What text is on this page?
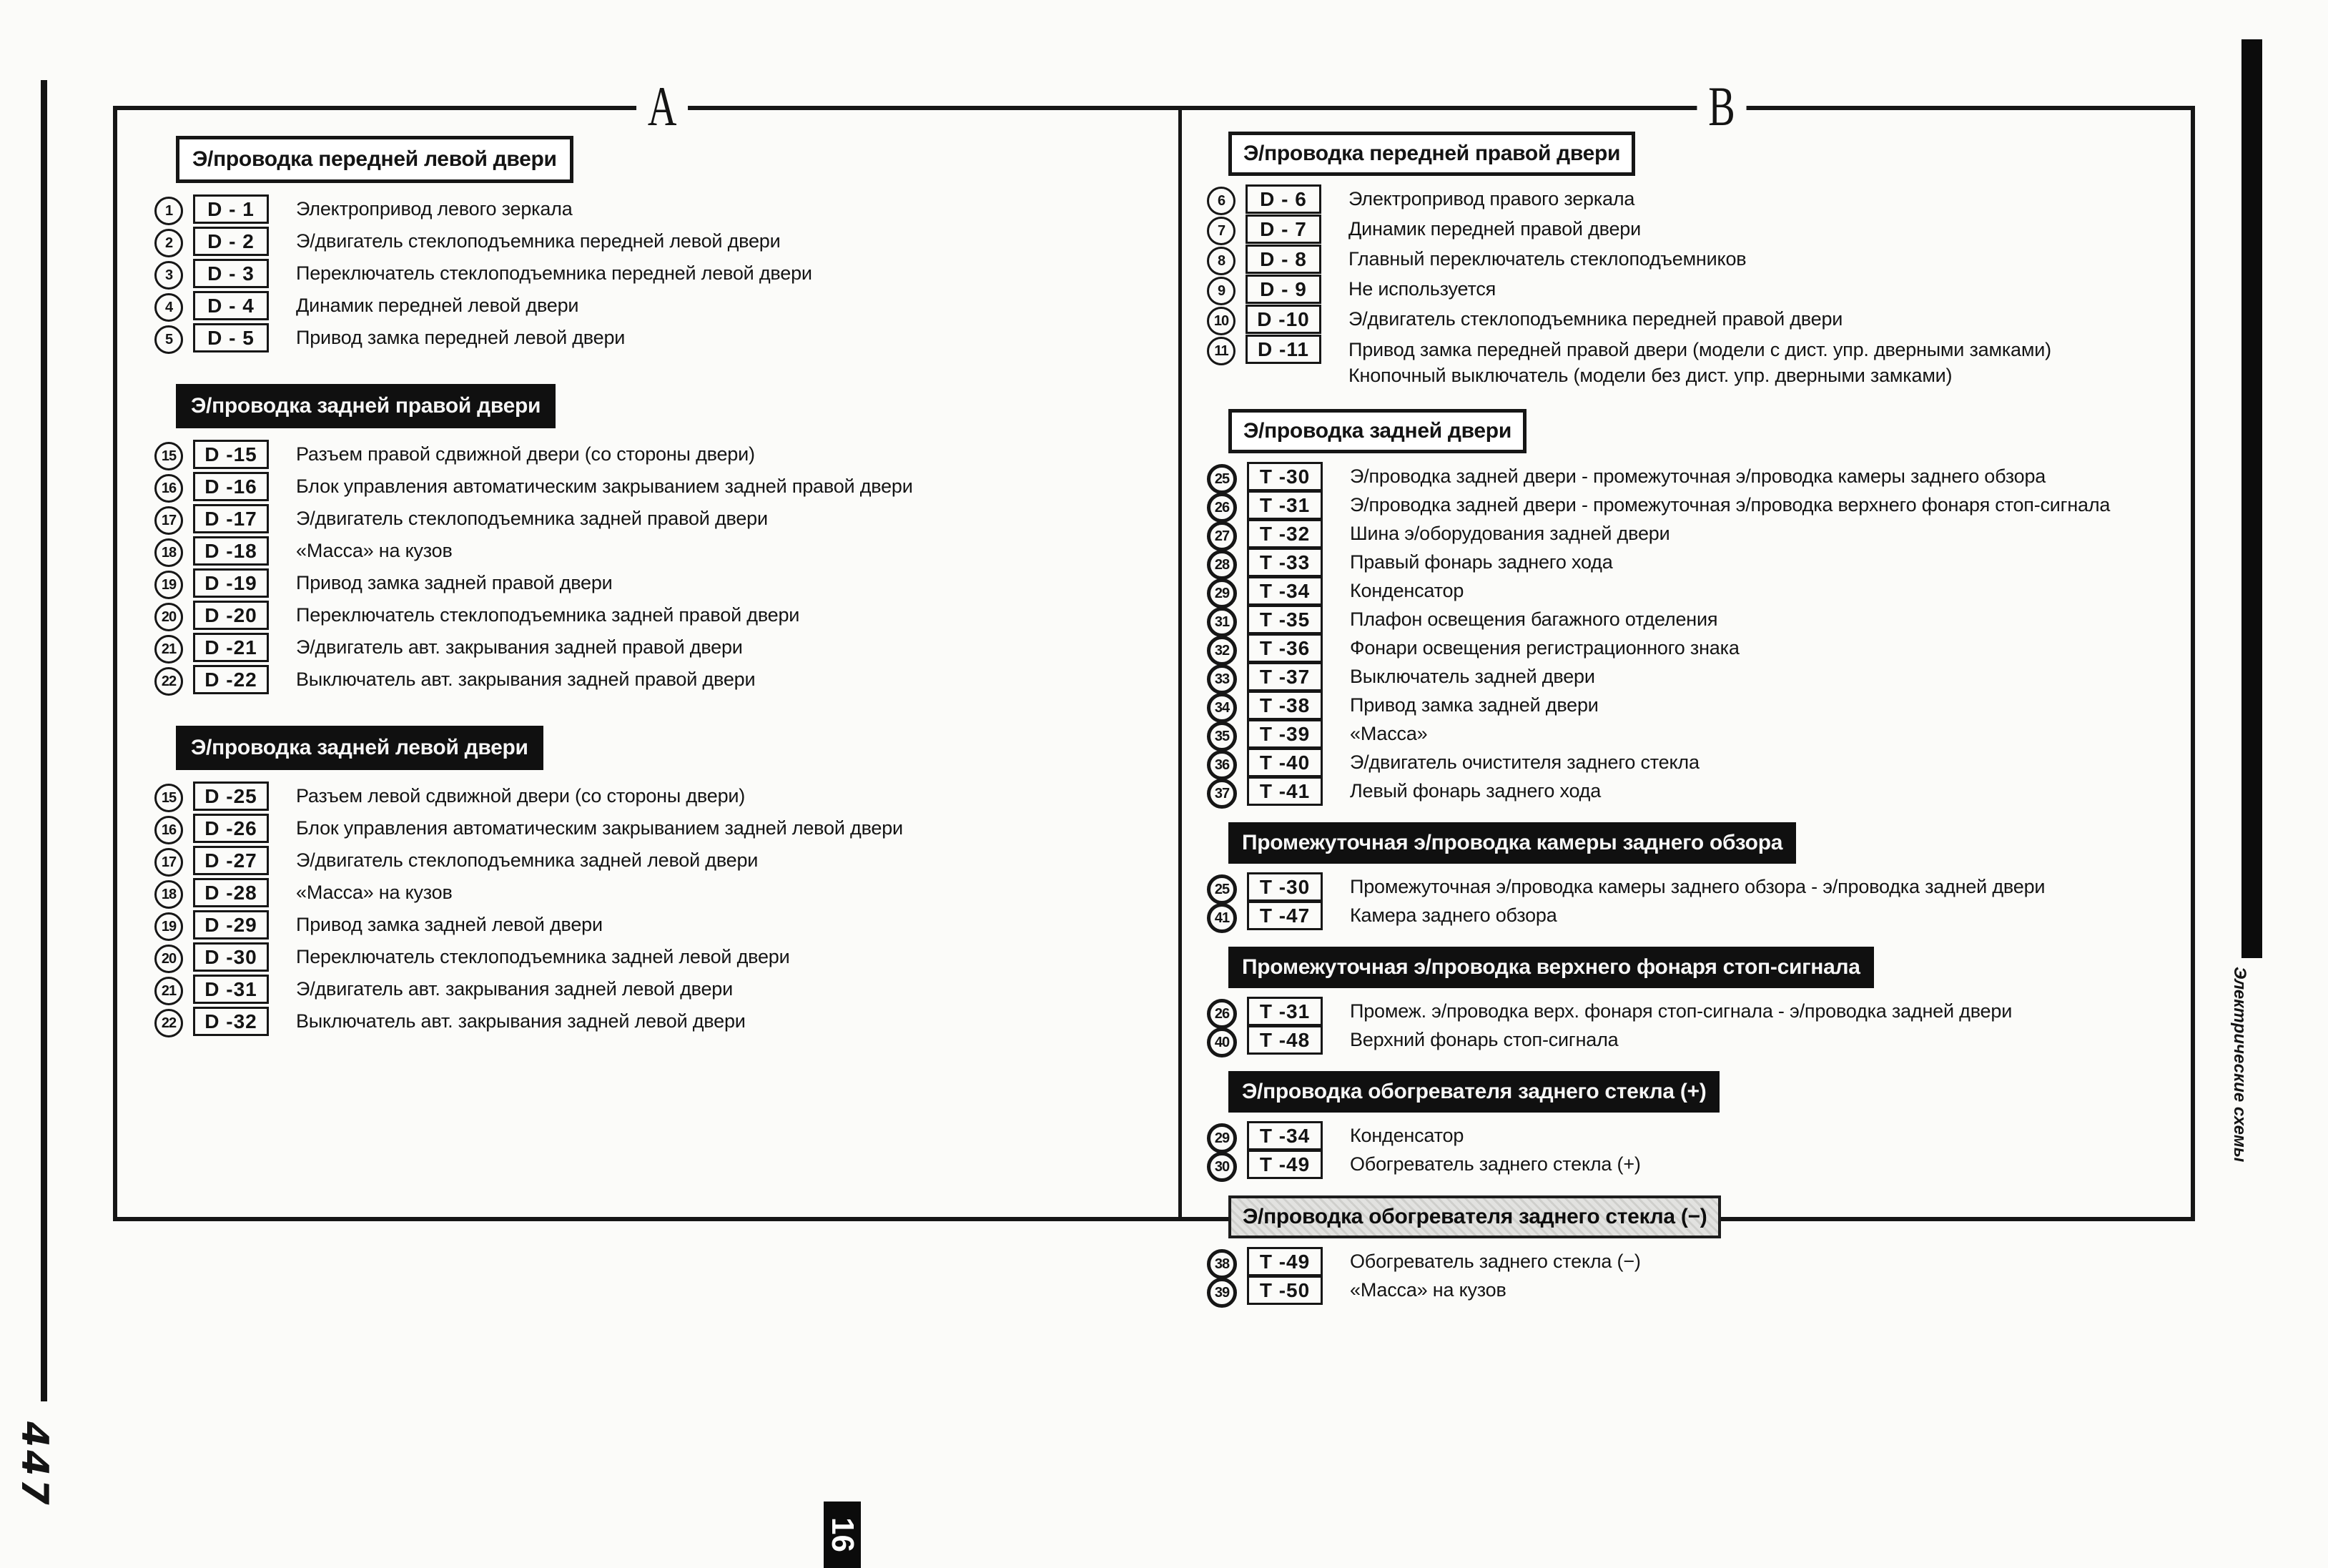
447
A	B
Э/проводка передней левой двери
1	D - 1	Электропривод левого зеркала
2	D - 2	Э/двигатель стеклоподъемника передней левой двери
3	D - 3	Переключатель стеклоподъемника передней левой двери
4	D - 4	Динамик передней левой двери
5	D - 5	Привод замка передней левой двери
Э/проводка задней правой двери
15	D -15	Разъем правой сдвижной двери (со стороны двери)
16	D -16	Блок управления автоматическим закрыванием задней правой двери
17	D -17	Э/двигатель стеклоподъемника задней правой двери
18	D -18	«Масса» на кузов
19	D -19	Привод замка задней правой двери
20	D -20	Переключатель стеклоподъемника задней правой двери
21	D -21	Э/двигатель авт. закрывания задней правой двери
22	D -22	Выключатель авт. закрывания задней правой двери
Э/проводка задней левой двери
15	D -25	Разъем левой сдвижной двери (со стороны двери)
16	D -26	Блок управления автоматическим закрыванием задней левой двери
17	D -27	Э/двигатель стеклоподъемника задней левой двери
18	D -28	«Масса» на кузов
19	D -29	Привод замка задней левой двери
20	D -30	Переключатель стеклоподъемника задней левой двери
21	D -31	Э/двигатель авт. закрывания задней левой двери
22	D -32	Выключатель авт. закрывания задней левой двери
Э/проводка передней правой двери
6	D - 6	Электропривод правого зеркала
7	D - 7	Динамик передней правой двери
8	D - 8	Главный переключатель стеклоподъемников
9	D - 9	Не используется
10	D -10	Э/двигатель стеклоподъемника передней правой двери
11	D -11	Привод замка передней правой двери (модели с дист. упр. дверными замками)
Кнопочный выключатель (модели без дист. упр. дверными замками)
Э/проводка задней двери
25	T -30	Э/проводка задней двери - промежуточная э/проводка камеры заднего обзора
26	T -31	Э/проводка задней двери - промежуточная э/проводка верхнего фонаря стоп-сигнала
27	T -32	Шина э/оборудования задней двери
28	T -33	Правый фонарь заднего хода
29	T -34	Конденсатор
31	T -35	Плафон освещения багажного отделения
32	T -36	Фонари освещения регистрационного знака
33	T -37	Выключатель задней двери
34	T -38	Привод замка задней двери
35	T -39	«Масса»
36	T -40	Э/двигатель очистителя заднего стекла
37	T -41	Левый фонарь заднего хода
Промежуточная э/проводка камеры заднего обзора
25	T -30	Промежуточная э/проводка камеры заднего обзора - э/проводка задней двери
41	T -47	Камера заднего обзора
Промежуточная э/проводка верхнего фонаря стоп-сигнала
26	T -31	Промеж. э/проводка верх. фонаря стоп-сигнала - э/проводка задней двери
40	T -48	Верхний фонарь стоп-сигнала
Э/проводка обогревателя заднего стекла (+)
29	T -34	Конденсатор
30	T -49	Обогреватель заднего стекла (+)
Э/проводка обогревателя заднего стекла (−)
38	T -49	Обогреватель заднего стекла (−)
39	T -50	«Масса» на кузов
16
Электрические схемы
